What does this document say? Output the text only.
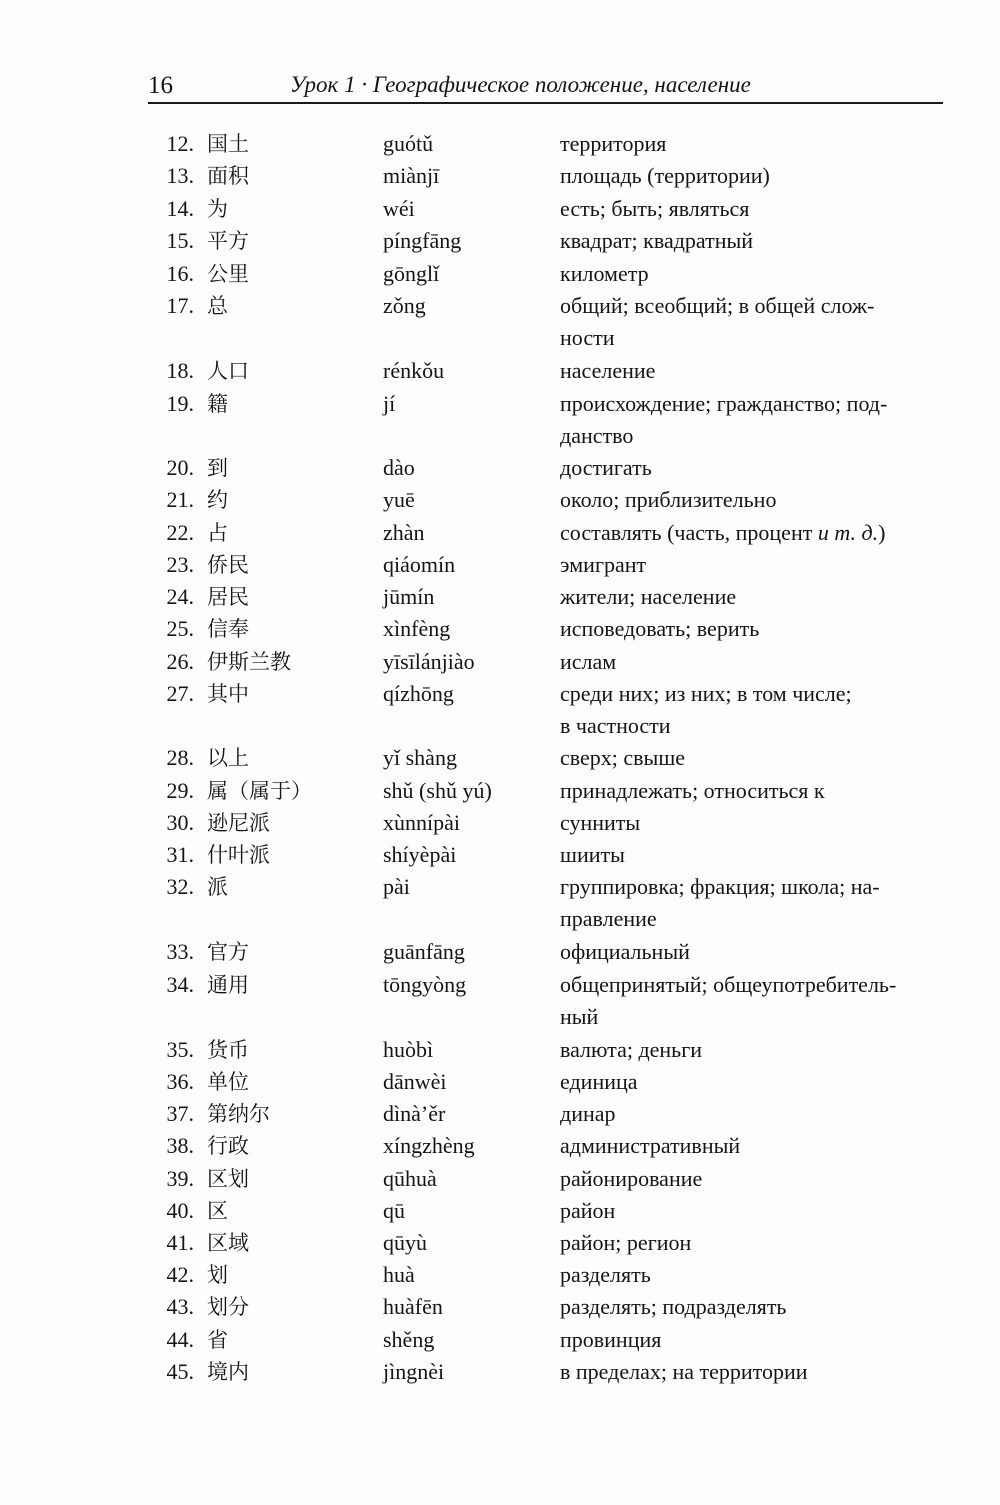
16	Урок 1 · Географическое положение, население
12. 国土	guótǔ	территория
13. 面积	miànjī	площадь (территории)
14. 为	wéi	есть; быть; являться
15. 平方	píngfāng	квадрат; квадратный
16. 公里	gōnglǐ	километр
17. 总	zǒng	общий; всеобщий; в общей слож-
ности
18. 人口	rénkǒu	население
19. 籍	jí	происхождение; гражданство; под-
данство
20. 到	dào	достигать
21. 约	yuē	около; приблизительно
22. 占	zhàn	составлять (часть, процент и т. д.)
23. 侨民	qiáomín	эмигрант
24. 居民	jūmín	жители; население
25. 信奉	xìnfèng	исповедовать; верить
26. 伊斯兰教	yīsīlánjiào	ислам
27. 其中	qízhōng	среди них; из них; в том числе;
в частности
28. 以上	yǐ shàng	сверх; свыше
29. 属（属于）	shǔ (shǔ yú)	принадлежать; относиться к
30. 逊尼派	xùnnípài	сунниты
31. 什叶派	shíyèpài	шииты
32. 派	pài	группировка; фракция; школа; на-
правление
33. 官方	guānfāng	официальный
34. 通用	tōngyòng	общепринятый; общеупотребитель-
ный
35. 货币	huòbì	валюта; деньги
36. 单位	dānwèi	единица
37. 第纳尔	dìnà’ěr	динар
38. 行政	xíngzhèng	административный
39. 区划	qūhuà	районирование
40. 区	qū	район
41. 区域	qūyù	район; регион
42. 划	huà	разделять
43. 划分	huàfēn	разделять; подразделять
44. 省	shěng	провинция
45. 境内	jìngnèi	в пределах; на территории
